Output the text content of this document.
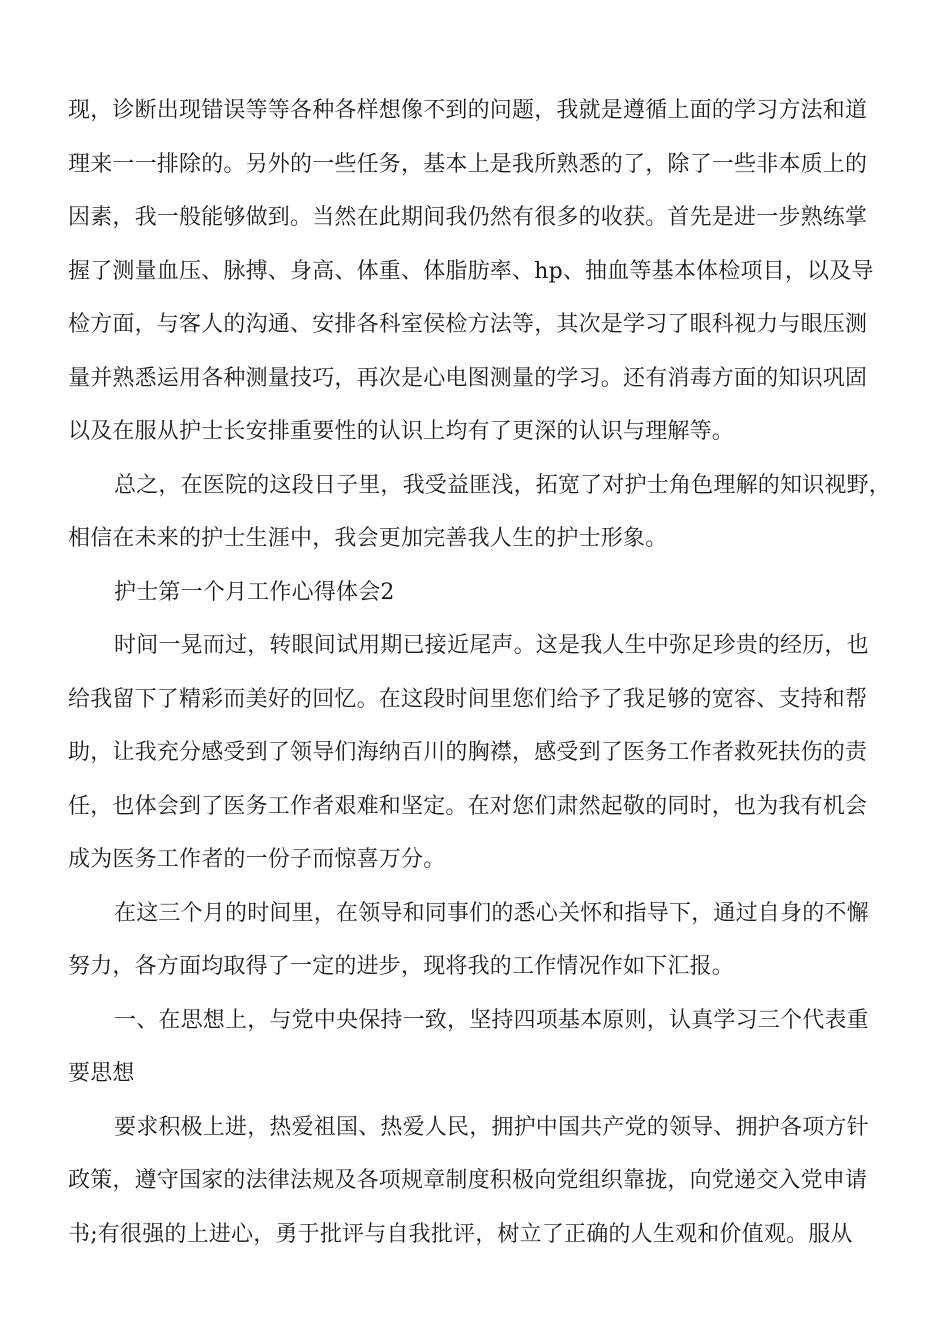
现，诊断出现错误等等各种各样想像不到的问题，我就是遵循上面的学习方法和道
理来一一排除的。另外的一些任务，基本上是我所熟悉的了，除了一些非本质上的
因素，我一般能够做到。当然在此期间我仍然有很多的收获。首先是进一步熟练掌
握了测量血压、脉搏、身高、体重、体脂肪率、hp、抽血等基本体检项目，以及导
检方面，与客人的沟通、安排各科室侯检方法等，其次是学习了眼科视力与眼压测
量并熟悉运用各种测量技巧，再次是心电图测量的学习。还有消毒方面的知识巩固
以及在服从护士长安排重要性的认识上均有了更深的认识与理解等。
总之，在医院的这段日子里，我受益匪浅，拓宽了对护士角色理解的知识视野，
相信在未来的护士生涯中，我会更加完善我人生的护士形象。
护士第一个月工作心得体会2
时间一晃而过，转眼间试用期已接近尾声。这是我人生中弥足珍贵的经历，也
给我留下了精彩而美好的回忆。在这段时间里您们给予了我足够的宽容、支持和帮
助，让我充分感受到了领导们海纳百川的胸襟，感受到了医务工作者救死扶伤的责
任，也体会到了医务工作者艰难和坚定。在对您们肃然起敬的同时，也为我有机会
成为医务工作者的一份子而惊喜万分。
在这三个月的时间里，在领导和同事们的悉心关怀和指导下，通过自身的不懈
努力，各方面均取得了一定的进步，现将我的工作情况作如下汇报。
一、在思想上，与党中央保持一致，坚持四项基本原则，认真学习三个代表重
要思想
要求积极上进，热爱祖国、热爱人民，拥护中国共产党的领导、拥护各项方针
政策，遵守国家的法律法规及各项规章制度积极向党组织靠拢，向党递交入党申请
书;有很强的上进心，勇于批评与自我批评，树立了正确的人生观和价值观。服从
